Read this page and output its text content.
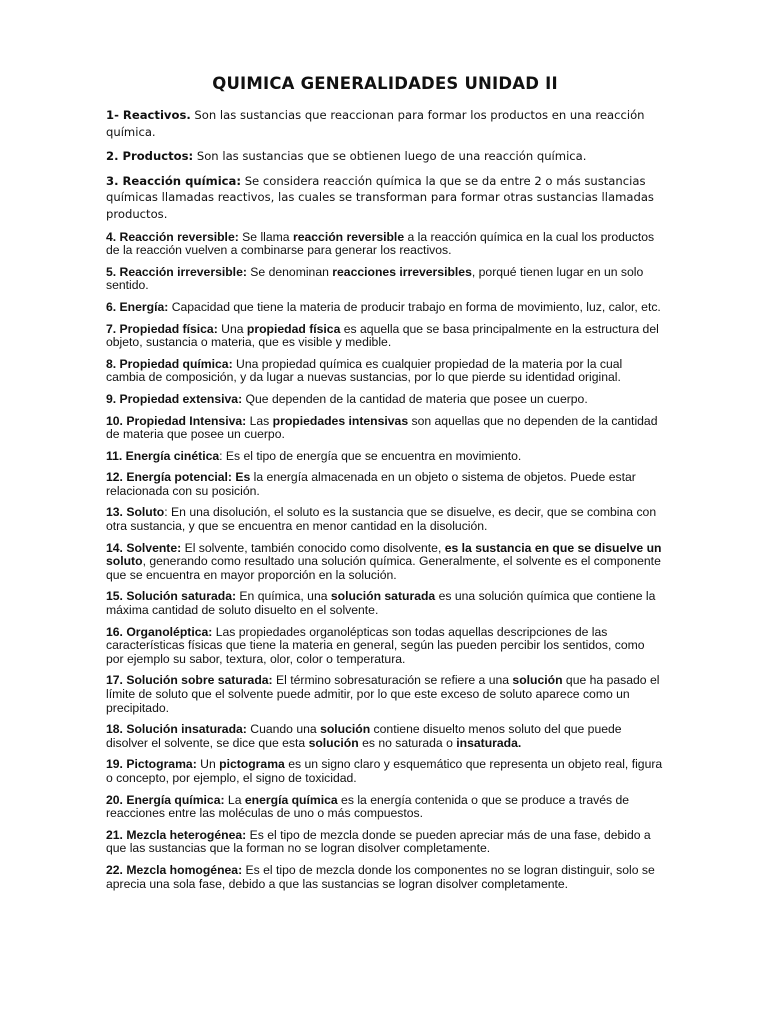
QUIMICA GENERALIDADES UNIDAD II

1- Reactivos. Son las sustancias que reaccionan para formar los productos en una reacción química.

2. Productos: Son las sustancias que se obtienen luego de una reacción química.

3. Reacción química: Se considera reacción química la que se da entre 2 o más sustancias químicas llamadas reactivos, las cuales se transforman para formar otras sustancias llamadas productos.

4. Reacción reversible: Se llama reacción reversible a la reacción química en la cual los productos de la reacción vuelven a combinarse para generar los reactivos.

5. Reacción irreversible: Se denominan reacciones irreversibles, porqué tienen lugar en un solo sentido.

6. Energía: Capacidad que tiene la materia de producir trabajo en forma de movimiento, luz, calor, etc.

7. Propiedad física: Una propiedad física es aquella que se basa principalmente en la estructura del objeto, sustancia o materia, que es visible y medible.

8. Propiedad química: Una propiedad química es cualquier propiedad de la materia por la cual cambia de composición, y da lugar a nuevas sustancias, por lo que pierde su identidad original.

9. Propiedad extensiva: Que dependen de la cantidad de materia que posee un cuerpo.

10. Propiedad Intensiva: Las propiedades intensivas son aquellas que no dependen de la cantidad de materia que posee un cuerpo.

11. Energía cinética: Es el tipo de energía que se encuentra en movimiento.

12. Energía potencial: Es la energía almacenada en un objeto o sistema de objetos. Puede estar relacionada con su posición.

13. Soluto: En una disolución, el soluto es la sustancia que se disuelve, es decir, que se combina con otra sustancia, y que se encuentra en menor cantidad en la disolución.

14. Solvente: El solvente, también conocido como disolvente, es la sustancia en que se disuelve un soluto, generando como resultado una solución química. Generalmente, el solvente es el componente que se encuentra en mayor proporción en la solución.

15. Solución saturada: En química, una solución saturada es una solución química que contiene la máxima cantidad de soluto disuelto en el solvente.

16. Organoléptica: Las propiedades organolépticas son todas aquellas descripciones de las características físicas que tiene la materia en general, según las pueden percibir los sentidos, como por ejemplo su sabor, textura, olor, color o temperatura.

17. Solución sobre saturada: El término sobresaturación se refiere a una solución que ha pasado el límite de soluto que el solvente puede admitir, por lo que este exceso de soluto aparece como un precipitado.

18. Solución insaturada: Cuando una solución contiene disuelto menos soluto del que puede disolver el solvente, se dice que esta solución es no saturada o insaturada.

19. Pictograma: Un pictograma es un signo claro y esquemático que representa un objeto real, figura o concepto, por ejemplo, el signo de toxicidad.

20. Energía química: La energía química es la energía contenida o que se produce a través de reacciones entre las moléculas de uno o más compuestos.

21. Mezcla heterogénea: Es el tipo de mezcla donde se pueden apreciar más de una fase, debido a que las sustancias que la forman no se logran disolver completamente.

22. Mezcla homogénea: Es el tipo de mezcla donde los componentes no se logran distinguir, solo se aprecia una sola fase, debido a que las sustancias se logran disolver completamente.
